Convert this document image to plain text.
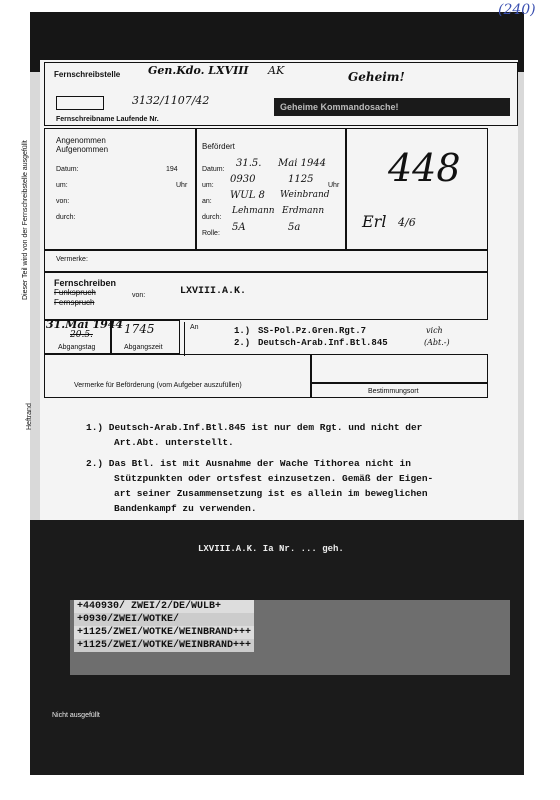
(240)
Fernschreibstelle	Gen.Kdo. LXVIII AK	Geheim!
Geheime Kommandosache!
3132/1107/42
Fernschreibname Laufende Nr.
Dieser Teil wird von der Fernschreibstelle ausgefüllt	Angenommen
Aufgenommen
Datum:	194
um:	Uhr
von:
durch:
Befördert
Datum:
31.5. Mai 1944
um:
0930	1125
Uhr
an:
WUL 8 Weinbrand
durch:
Lehmann Erdmann
Rolle:
5A	5a
448
Erl 4/6
Vermerke:
Fernschreiben
Funkspruch
Fernspruch
von:	LXVIII.A.K.
31.Mai 1944
20.5.	1745
Abgangstag	Abgangszeit
An	1.) SS-Pol.Pz.Gren.Rgt.7	vich
2.) Deutsch-Arab.Inf.Btl.845	(Abt.-)
Vermerke für Beförderung (vom Aufgeber auszufüllen)
Bestimmungsort
Heftrand	1.) Deutsch-Arab.Inf.Btl.845 ist nur dem Rgt. und nicht der
Art.Abt. unterstellt.
2.) Das Btl. ist mit Ausnahme der Wache Tithorea nicht in
Stützpunkten oder ortsfest einzusetzen. Gemäß der Eigen-
art seiner Zusammensetzung ist es allein im beweglichen
Bandenkampf zu verwenden.
LXVIII.A.K. Ia Nr. ... geh.
+440930/ ZWEI/2/DE/WULB+
+0930/ZWEI/WOTKE/
+1125/ZWEI/WOTKE/WEINBRAND+++
+1125/ZWEI/WOTKE/WEINBRAND+++
Nicht ausgefüllt
